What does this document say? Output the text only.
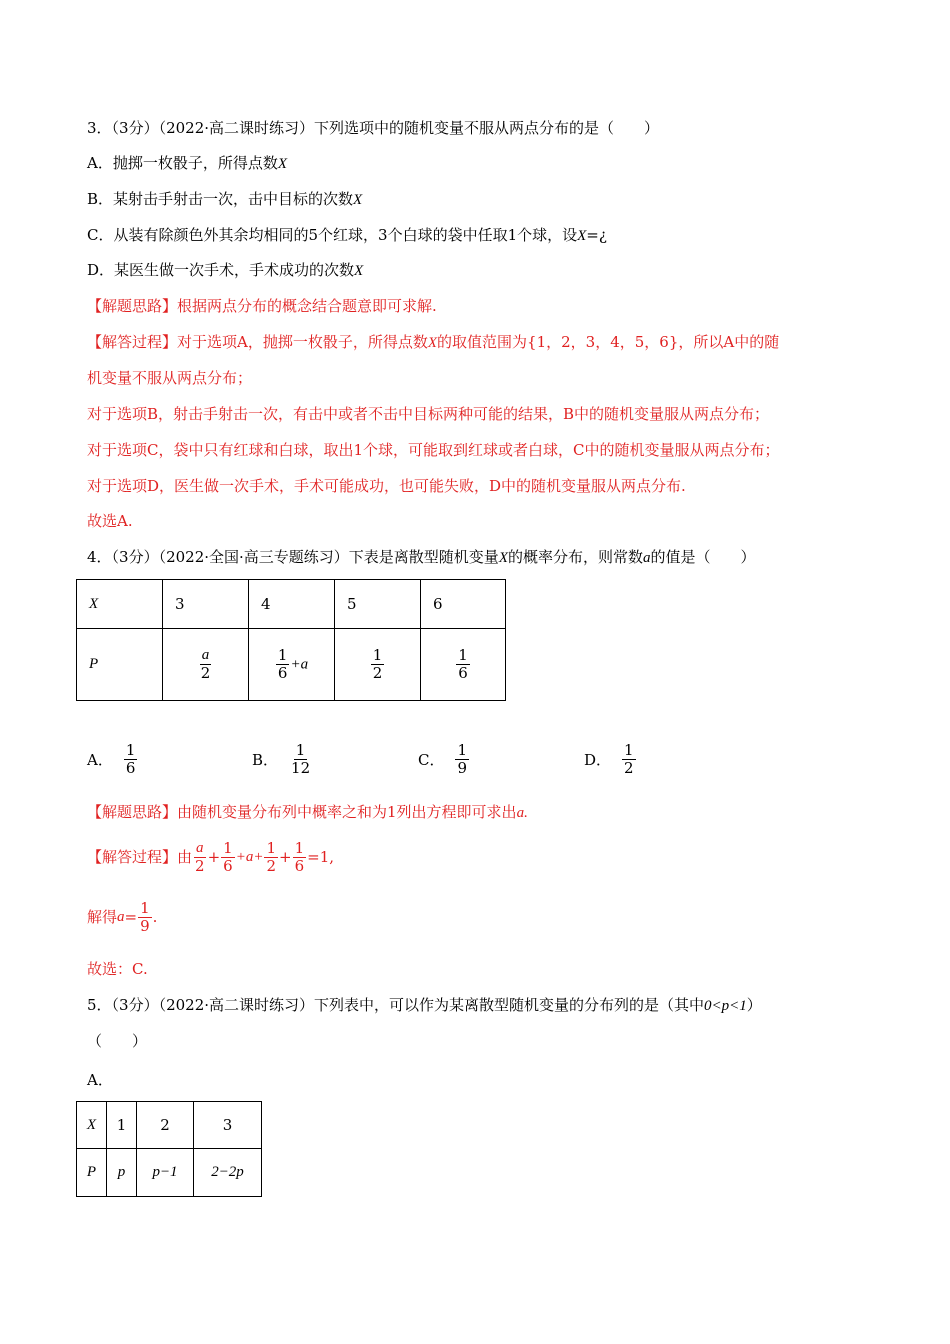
3．（3分）（2022·高二课时练习）下列选项中的随机变量不服从两点分布的是（　　）
A．抛掷一枚骰子，所得点数X
B．某射击手射击一次，击中目标的次数X
C．从装有除颜色外其余均相同的5个红球，3个白球的袋中任取1个球，设X=¿
D．某医生做一次手术，手术成功的次数X
【解题思路】根据两点分布的概念结合题意即可求解.
【解答过程】对于选项A，抛掷一枚骰子，所得点数X的取值范围为{1，2，3，4，5，6}，所以A中的随
机变量不服从两点分布；
对于选项B，射击手射击一次，有击中或者不击中目标两种可能的结果，B中的随机变量服从两点分布；
对于选项C，袋中只有红球和白球，取出1个球，可能取到红球或者白球，C中的随机变量服从两点分布；
对于选项D，医生做一次手术，手术可能成功，也可能失败，D中的随机变量服从两点分布.
故选A.
4．（3分）（2022·全国·高三专题练习）下表是离散型随机变量X的概率分布，则常数a的值是（　　）
X	3	4	5	6
P	$\frac{a}{2}$	$\frac{1}{6} +a$	$\frac{1}{2}$	$\frac{1}{6}$
A． $\frac{1}{6}$	B． $\frac{1}{12}$	C． $\frac{1}{9}$	D． $\frac{1}{2}$
【解题思路】由随机变量分布列中概率之和为1列出方程即可求出a.
【解答过程】 由 $\frac{a}{2} + \frac{1}{6} +a+ \frac{1}{2} + \frac{1}{6} =1$,
解得 $a = \frac{1}{9}$ .
故选：C.
5．（3分）（2022·高二课时练习）下列表中，可以作为某离散型随机变量的分布列的是（其中0<p<1）
（　　）
A．
X	1	2	3
P	p	p−1	2−2p
